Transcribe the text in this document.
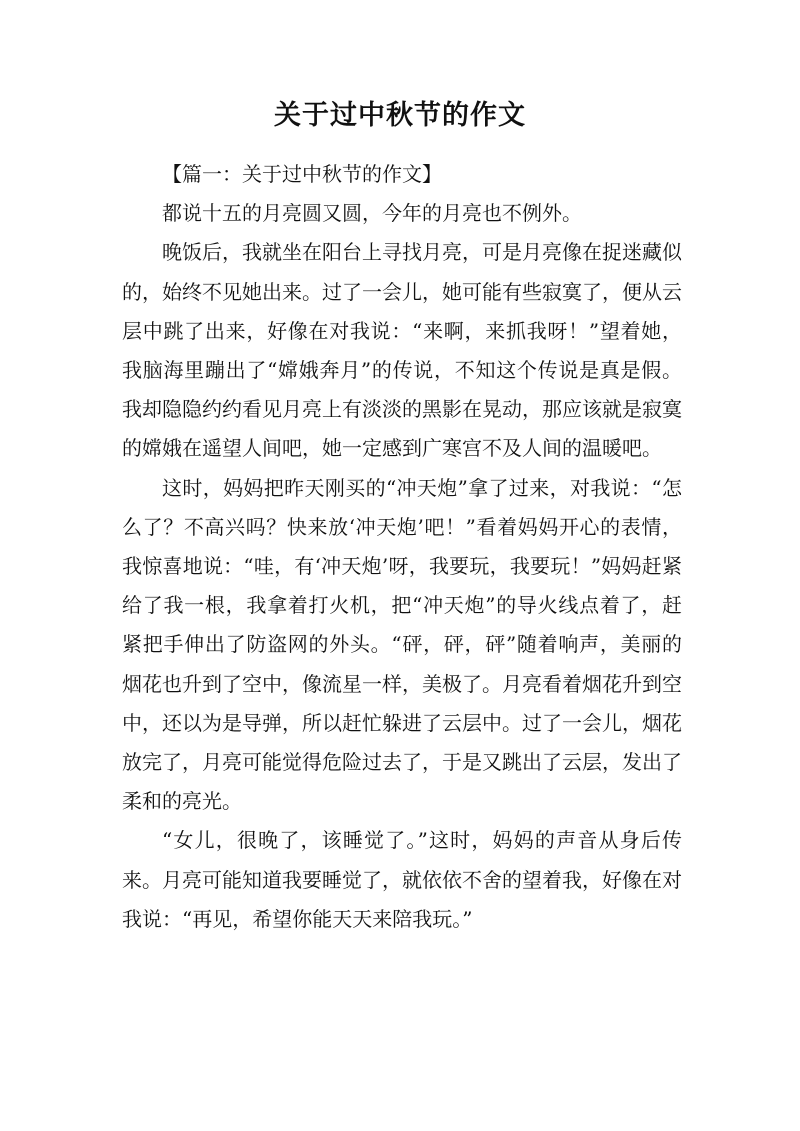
关于过中秋节的作文

【篇一：关于过中秋节的作文】

都说十五的月亮圆又圆，今年的月亮也不例外。

晚饭后，我就坐在阳台上寻找月亮，可是月亮像在捉迷藏似的，始终不见她出来。过了一会儿，她可能有些寂寞了，便从云层中跳了出来，好像在对我说：“来啊，来抓我呀！”望着她，我脑海里蹦出了“嫦娥奔月”的传说，不知这个传说是真是假。我却隐隐约约看见月亮上有淡淡的黑影在晃动，那应该就是寂寞的嫦娥在遥望人间吧，她一定感到广寒宫不及人间的温暖吧。

这时，妈妈把昨天刚买的“冲天炮”拿了过来，对我说：“怎么了？不高兴吗？快来放‘冲天炮’吧！”看着妈妈开心的表情，我惊喜地说：“哇，有‘冲天炮’呀，我要玩，我要玩！”妈妈赶紧给了我一根，我拿着打火机，把“冲天炮”的导火线点着了，赶紧把手伸出了防盗网的外头。“砰，砰，砰”随着响声，美丽的烟花也升到了空中，像流星一样，美极了。月亮看着烟花升到空中，还以为是导弹，所以赶忙躲进了云层中。过了一会儿，烟花放完了，月亮可能觉得危险过去了，于是又跳出了云层，发出了柔和的亮光。

“女儿，很晚了，该睡觉了。”这时，妈妈的声音从身后传来。月亮可能知道我要睡觉了，就依依不舍的望着我，好像在对我说：“再见，希望你能天天来陪我玩。”
